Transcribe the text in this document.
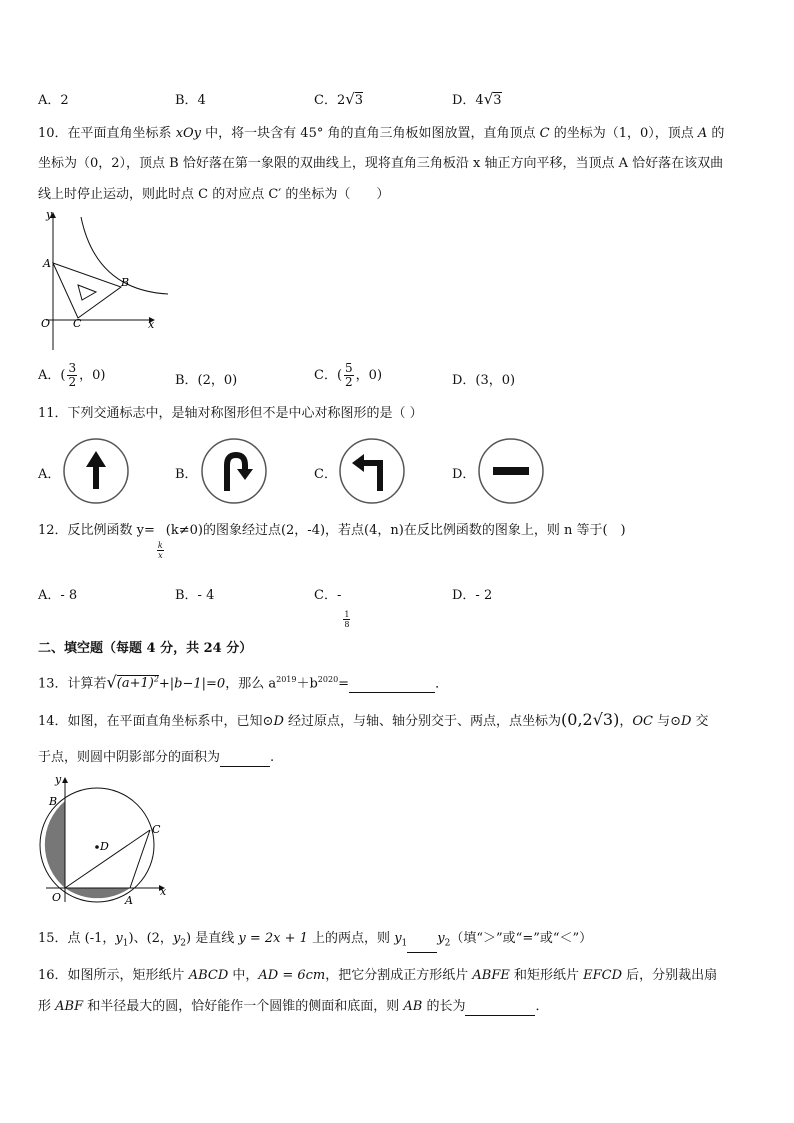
A．2	B．4	C．2√3	D．4√3
10．在平面直角坐标系 xOy 中，将一块含有 45° 角的直角三角板如图放置，直角顶点 C 的坐标为（1，0），顶点 A 的
坐标为（0，2），顶点 B 恰好落在第一象限的双曲线上，现将直角三角板沿 x 轴正方向平移，当顶点 A 恰好落在该双曲
线上时停止运动，则此时点 C 的对应点 C′ 的坐标为（　　）
y
x
A
B
O C
A．( $\frac{3}{2}$ ，0)	B．(2，0)	C．( $\frac{5}{2}$ ，0)	D．(3，0)
11．下列交通标志中，是轴对称图形但不是中心对称图形的是（ ）
A．	B．	C．	D．
12．反比例函数 y=
$\frac{k}{x}$
(k≠0)的图象经过点(2，-4)，若点(4，n)在反比例函数的图象上，则 n 等于(　)
A．- 8	B．- 4	C．-
$\frac{1}{8}$
D．- 2
二、填空题（每题 4 分，共 24 分）
13．计算若$√(a+1)^2+|b-1|=0$，那么 $a^{2019}+b^{2020}=$	．
14．如图，在平面直角坐标系中，已知⊙D 经过原点，与轴、轴分别交于、两点，点坐标为(0,2√3)，OC 与⊙D 交
于点，则圆中阴影部分的面积为	.
y
x
B
C
D
O	A
15．点 (-1，$y_1$)、(2，$y_2$) 是直线 y = 2x + 1 上的两点，则 $y_1$ $y_2$（填“＞”或“=”或“＜”）
16．如图所示，矩形纸片 ABCD 中，AD = 6cm，把它分割成正方形纸片 ABFE 和矩形纸片 EFCD 后，分别裁出扇
形 ABF 和半径最大的圆，恰好能作一个圆锥的侧面和底面，则 AB 的长为	．
